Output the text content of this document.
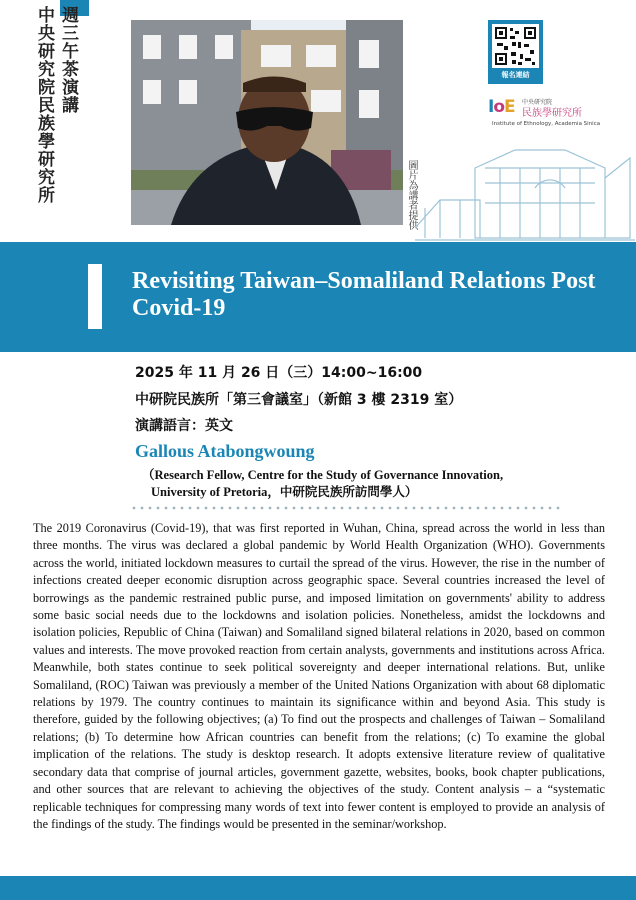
週三午茶演講
中央研究院民族學研究所	圖片為講者提供
報名連結
IoE 中央研究院
民族學研究所
Institute of Ethnology, Academia Sinica
Revisiting Taiwan–Somaliland Relations Post Covid-19
2025 年 11 月 26 日（三）14:00~16:00
中研院民族所「第三會議室」（新館 3 樓 2319 室）
演講語言：英文
Gallous Atabongwoung
（Research Fellow, Centre for the Study of Governance Innovation,
University of Pretoria，中研院民族所訪問學人）
The 2019 Coronavirus (Covid-19), that was first reported in Wuhan, China, spread across the world in less than three months. The virus was declared a global pandemic by World Health Organization (WHO). Governments across the world, initiated lockdown measures to curtail the spread of the virus. However, the rise in the number of infections created deeper economic disruption across geographic space. Several countries increased the level of borrowings as the pandemic restrained public purse, and imposed limitation on governments' ability to address some basic social needs due to the lockdowns and isolation policies. Nonetheless, amidst the lockdowns and isolation policies, Republic of China (Taiwan) and Somaliland signed bilateral relations in 2020, based on common values and interests. The move provoked reaction from certain analysts, governments and institutions across Africa. Meanwhile, both states continue to seek political sovereignty and deeper international relations. But, unlike Somaliland, (ROC) Taiwan was previously a member of the United Nations Organization with about 68 diplomatic relations by 1979. The country continues to maintain its significance within and beyond Asia. This study is therefore, guided by the following objectives; (a) To find out the prospects and challenges of Taiwan – Somaliland relations; (b) To determine how African countries can benefit from the relations; (c) To examine the global implication of the relations. The study is desktop research. It adopts extensive literature review of qualitative secondary data that comprise of journal articles, government gazette, websites, books, book chapter publications, and other sources that are relevant to achieving the objectives of the study. Content analysis – a “systematic replicable techniques for compressing many words of text into fewer content is employed to provide an analysis of the findings of the study. The findings would be presented in the seminar/workshop.
